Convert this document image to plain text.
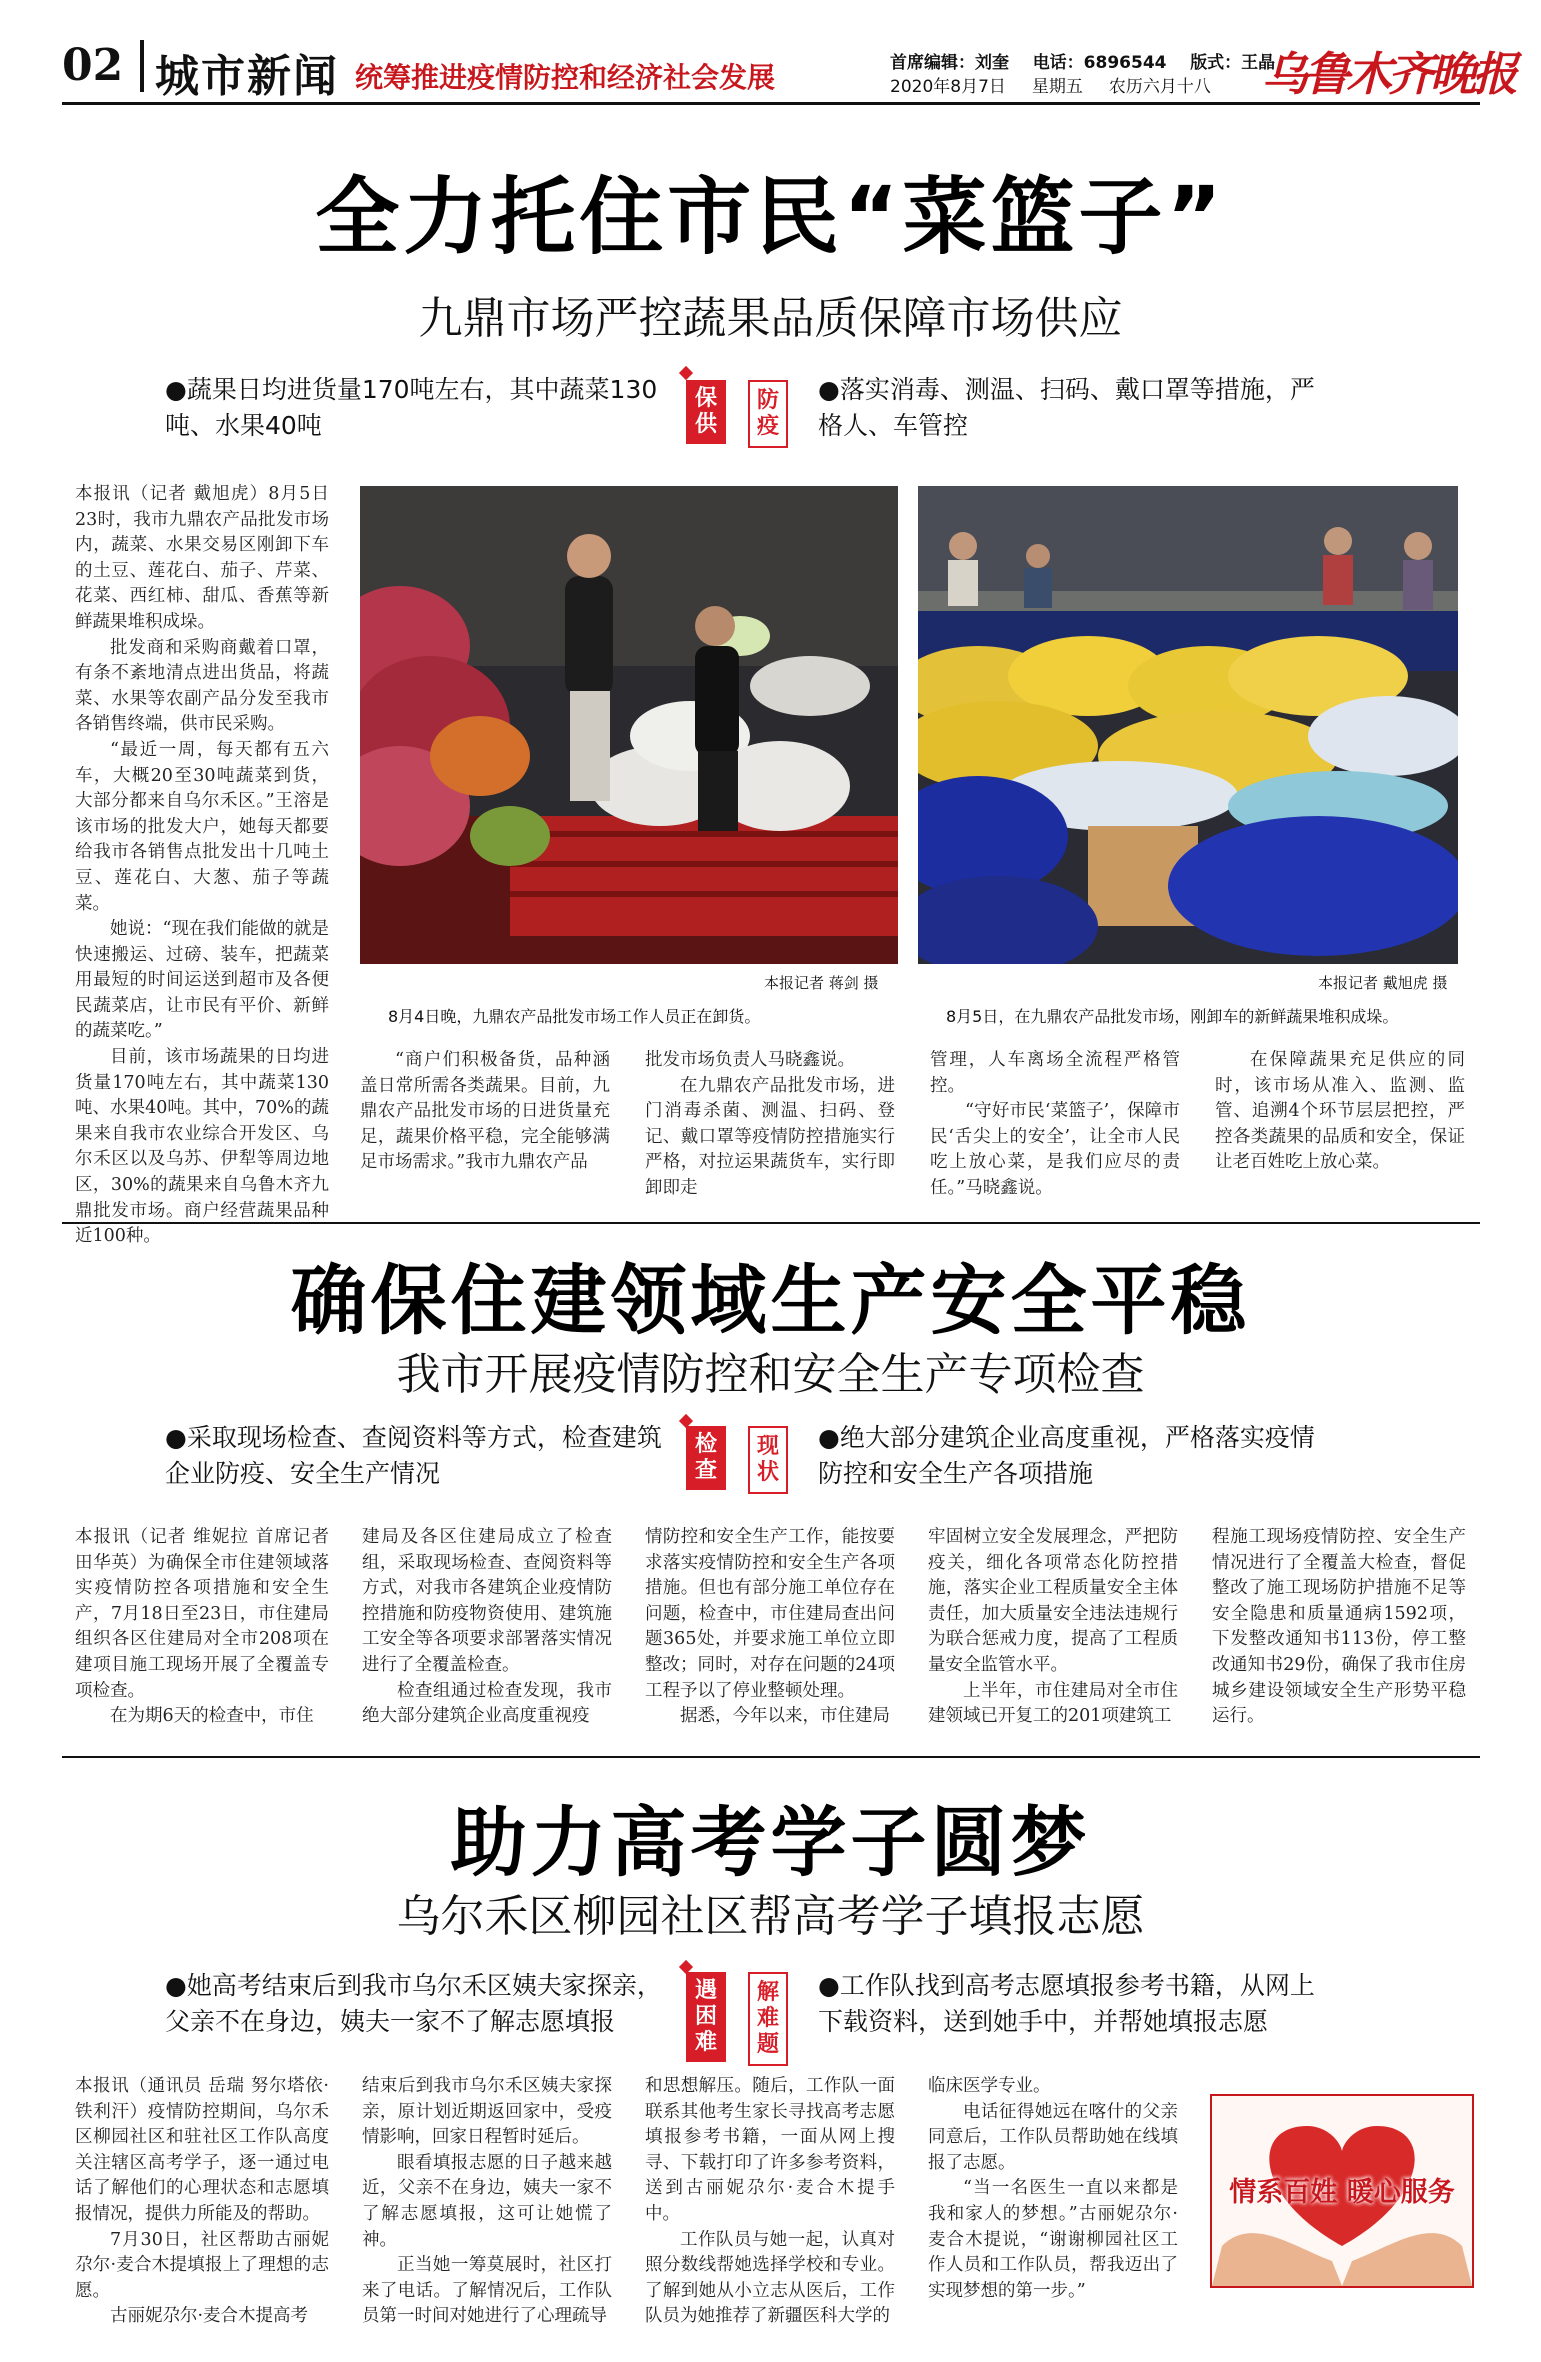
02 城市新闻 统筹推进疫情防控和经济社会发展	首席编辑：刘奎 电话：6896544 版式：王晶
2020年8月7日 星期五 农历六月十八	乌鲁木齐晚报
全力托住市民“菜篮子”
九鼎市场严控蔬果品质保障市场供应
●蔬果日均进货量170吨左右，其中蔬菜130吨、水果40吨
保供
防疫
●落实消毒、测温、扫码、戴口罩等措施，严格人、车管控

本报讯（记者 戴旭虎）8月5日23时，我市九鼎农产品批发市场内，蔬菜、水果交易区刚卸下车的土豆、莲花白、茄子、芹菜、花菜、西红柿、甜瓜、香蕉等新鲜蔬果堆积成垛。

批发商和采购商戴着口罩，有条不紊地清点进出货品，将蔬菜、水果等农副产品分发至我市各销售终端，供市民采购。

“最近一周，每天都有五六车，大概20至30吨蔬菜到货，大部分都来自乌尔禾区。”王溶是该市场的批发大户，她每天都要给我市各销售点批发出十几吨土豆、莲花白、大葱、茄子等蔬菜。

她说：“现在我们能做的就是快速搬运、过磅、装车，把蔬菜用最短的时间运送到超市及各便民蔬菜店，让市民有平价、新鲜的蔬菜吃。”

目前，该市场蔬果的日均进货量170吨左右，其中蔬菜130吨、水果40吨。其中，70%的蔬果来自我市农业综合开发区、乌尔禾区以及乌苏、伊犁等周边地区，30%的蔬果来自乌鲁木齐九鼎批发市场。商户经营蔬果品种近100种。

本报记者 蒋剑 摄
8月4日晚，九鼎农产品批发市场工作人员正在卸货。
本报记者 戴旭虎 摄
8月5日，在九鼎农产品批发市场，刚卸车的新鲜蔬果堆积成垛。

“商户们积极备货，品种涵盖日常所需各类蔬果。目前，九鼎农产品批发市场的日进货量充足，蔬果价格平稳，完全能够满足市场需求。”我市九鼎农产品

批发市场负责人马晓鑫说。

在九鼎农产品批发市场，进门消毒杀菌、测温、扫码、登记、戴口罩等疫情防控措施实行严格，对拉运果蔬货车，实行即卸即走

管理，人车离场全流程严格管控。

“守好市民‘菜篮子’，保障市民‘舌尖上的安全’，让全市人民吃上放心菜，是我们应尽的责任。”马晓鑫说。

在保障蔬果充足供应的同时，该市场从准入、监测、监管、追溯4个环节层层把控，严控各类蔬果的品质和安全，保证让老百姓吃上放心菜。

确保住建领域生产安全平稳
我市开展疫情防控和安全生产专项检查
●采取现场检查、查阅资料等方式，检查建筑企业防疫、安全生产情况
检查
现状
●绝大部分建筑企业高度重视，严格落实疫情防控和安全生产各项措施

本报讯（记者 维妮拉 首席记者 田华英）为确保全市住建领域落实疫情防控各项措施和安全生产，7月18日至23日，市住建局组织各区住建局对全市208项在建项目施工现场开展了全覆盖专项检查。

在为期6天的检查中，市住

建局及各区住建局成立了检查组，采取现场检查、查阅资料等方式，对我市各建筑企业疫情防控措施和防疫物资使用、建筑施工安全等各项要求部署落实情况进行了全覆盖检查。

检查组通过检查发现，我市绝大部分建筑企业高度重视疫

情防控和安全生产工作，能按要求落实疫情防控和安全生产各项措施。但也有部分施工单位存在问题，检查中，市住建局查出问题365处，并要求施工单位立即整改；同时，对存在问题的24项工程予以了停业整顿处理。

据悉，今年以来，市住建局

牢固树立安全发展理念，严把防疫关，细化各项常态化防控措施，落实企业工程质量安全主体责任，加大质量安全违法违规行为联合惩戒力度，提高了工程质量安全监管水平。

上半年，市住建局对全市住建领域已开复工的201项建筑工

程施工现场疫情防控、安全生产情况进行了全覆盖大检查，督促整改了施工现场防护措施不足等安全隐患和质量通病1592项，下发整改通知书113份，停工整改通知书29份，确保了我市住房城乡建设领域安全生产形势平稳运行。

助力高考学子圆梦
乌尔禾区柳园社区帮高考学子填报志愿
●她高考结束后到我市乌尔禾区姨夫家探亲，父亲不在身边，姨夫一家不了解志愿填报
遇困难
解难题
●工作队找到高考志愿填报参考书籍，从网上下载资料，送到她手中，并帮她填报志愿

本报讯（通讯员 岳瑞 努尔塔依·铁利汗）疫情防控期间，乌尔禾区柳园社区和驻社区工作队高度关注辖区高考学子，逐一通过电话了解他们的心理状态和志愿填报情况，提供力所能及的帮助。

7月30日，社区帮助古丽妮尕尔·麦合木提填报上了理想的志愿。

古丽妮尕尔·麦合木提高考

结束后到我市乌尔禾区姨夫家探亲，原计划近期返回家中，受疫情影响，回家日程暂时延后。

眼看填报志愿的日子越来越近，父亲不在身边，姨夫一家不了解志愿填报，这可让她慌了神。

正当她一筹莫展时，社区打来了电话。了解情况后，工作队员第一时间对她进行了心理疏导

和思想解压。随后，工作队一面联系其他考生家长寻找高考志愿填报参考书籍，一面从网上搜寻、下载打印了许多参考资料，送到古丽妮尕尔·麦合木提手中。

工作队员与她一起，认真对照分数线帮她选择学校和专业。了解到她从小立志从医后，工作队员为她推荐了新疆医科大学的

临床医学专业。

电话征得她远在喀什的父亲同意后，工作队员帮助她在线填报了志愿。

“当一名医生一直以来都是我和家人的梦想。”古丽妮尕尔·麦合木提说，“谢谢柳园社区工作人员和工作队员，帮我迈出了实现梦想的第一步。”

情系百姓 暖心服务
